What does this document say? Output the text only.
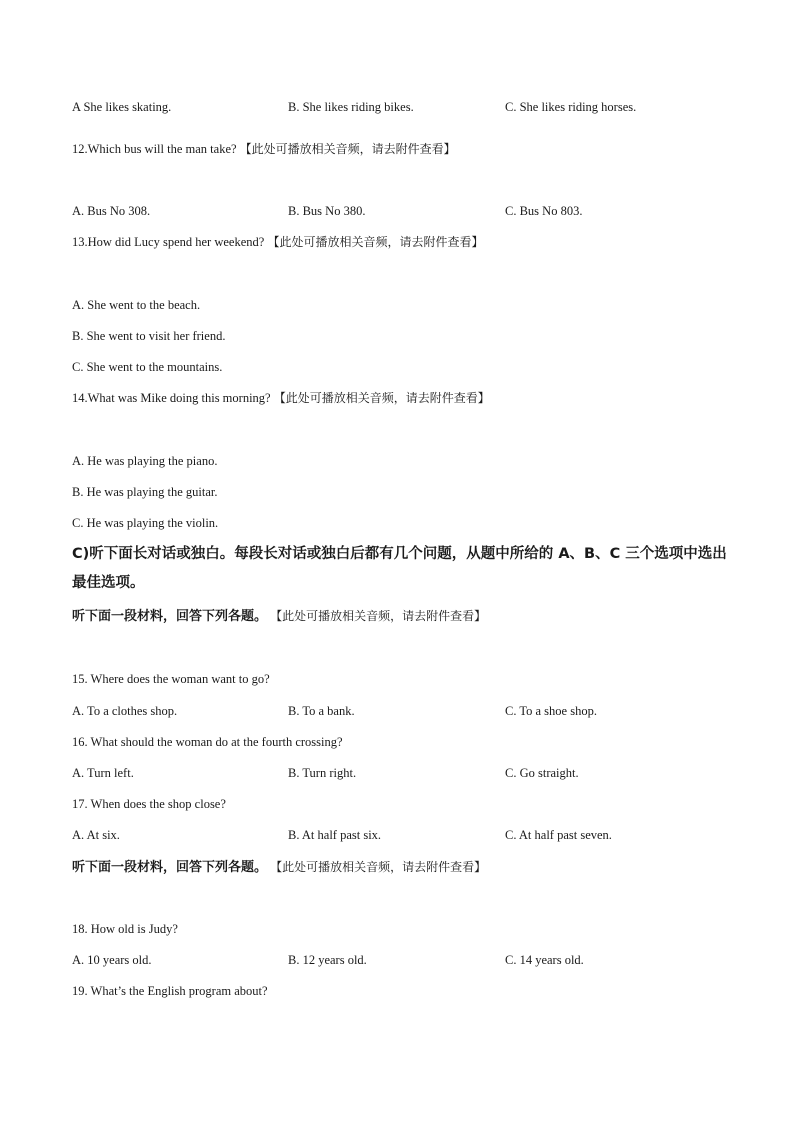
A She likes skating.	B. She likes riding bikes.	C. She likes riding horses.
12.Which bus will the man take? 【此处可播放相关音频，请去附件查看】
A. Bus No 308.	B. Bus No 380.	C. Bus No 803.
13.How did Lucy spend her weekend? 【此处可播放相关音频，请去附件查看】
A. She went to the beach.
B. She went to visit her friend.
C. She went to the mountains.
14.What was Mike doing this morning? 【此处可播放相关音频，请去附件查看】
A. He was playing the piano.
B. He was playing the guitar.
C. He was playing the violin.
C)听下面长对话或独白。每段长对话或独白后都有几个问题，从题中所给的 A、B、C 三个选项中选出最佳选项。
听下面一段材料，回答下列各题。 【此处可播放相关音频，请去附件查看】
15. Where does the woman want to go?
A. To a clothes shop.	B. To a bank.	C. To a shoe shop.
16. What should the woman do at the fourth crossing?
A. Turn left.	B. Turn right.	C. Go straight.
17. When does the shop close?
A. At six.	B. At half past six.	C. At half past seven.
听下面一段材料，回答下列各题。 【此处可播放相关音频，请去附件查看】
18. How old is Judy?
A. 10 years old.	B. 12 years old.	C. 14 years old.
19. What’s the English program about?
